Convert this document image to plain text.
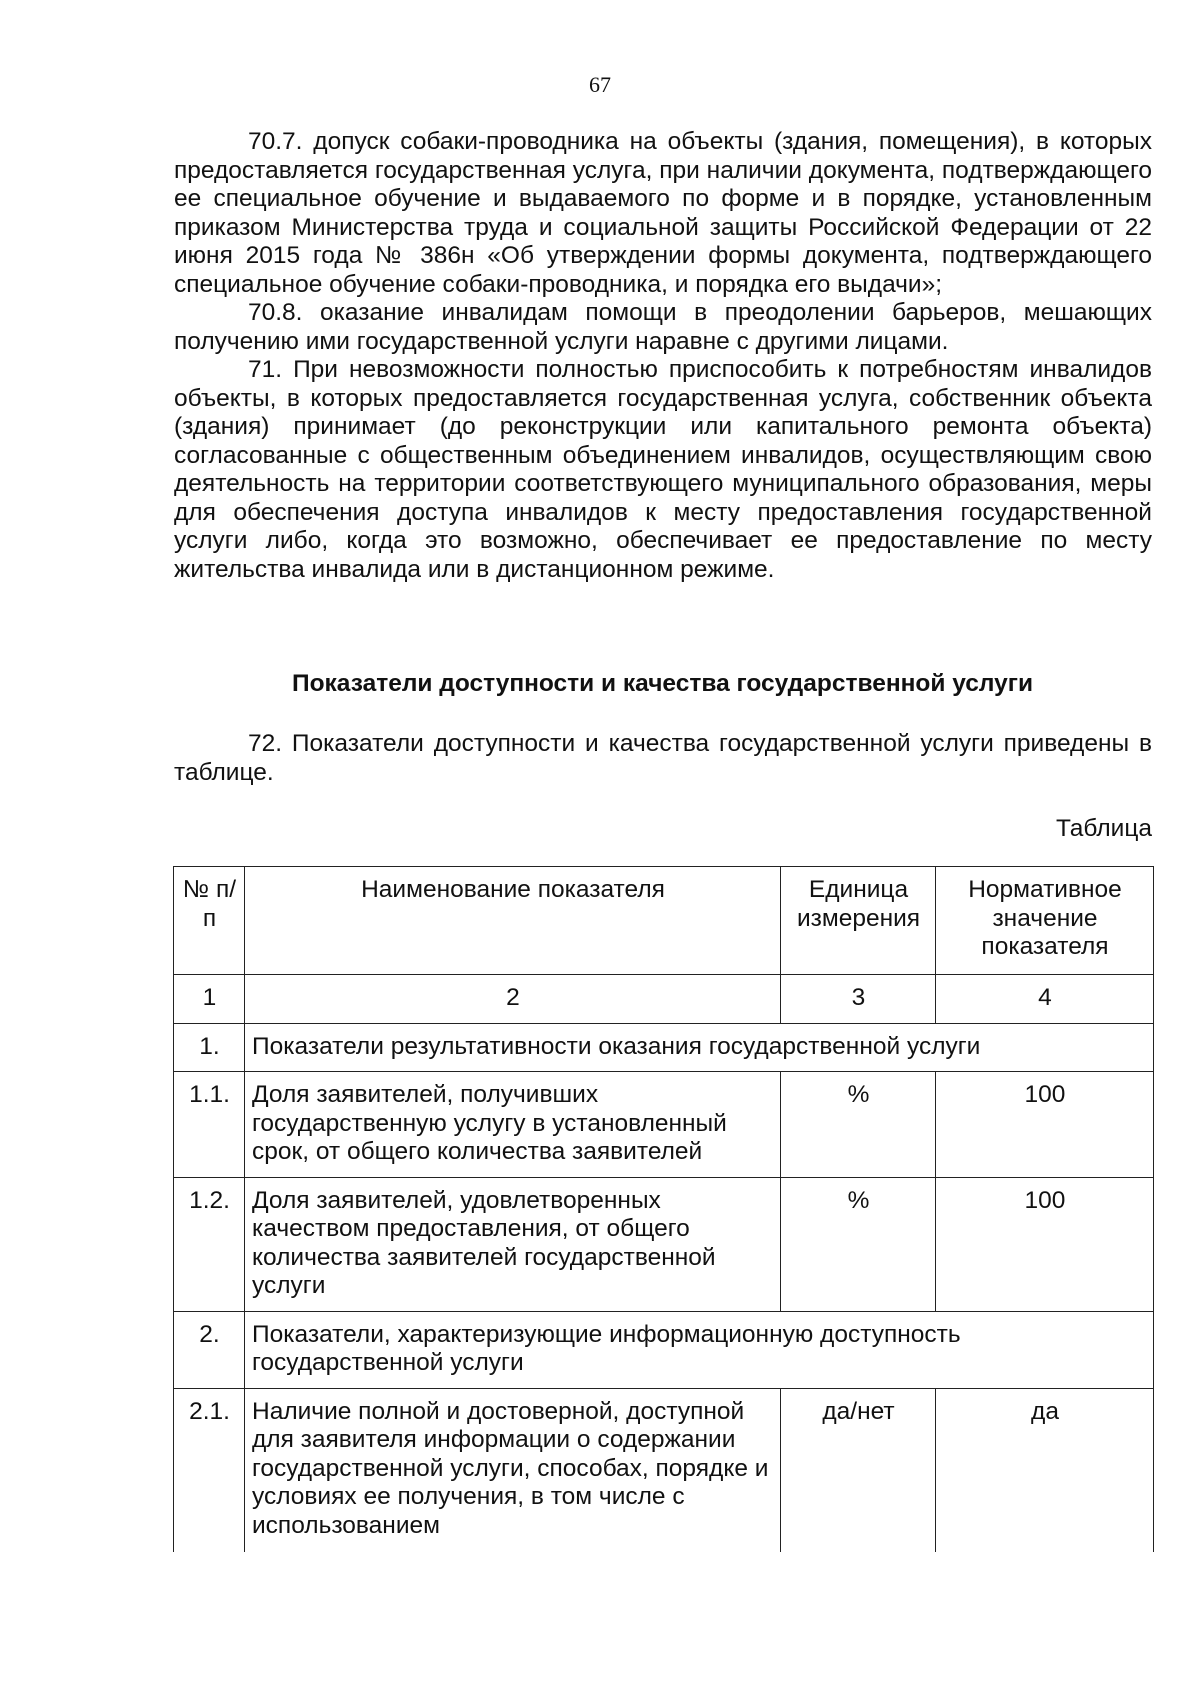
67

70.7. допуск собаки-проводника на объекты (здания, помещения), в которых предоставляется государственная услуга, при наличии документа, подтверждающего ее специальное обучение и выдаваемого по форме и в порядке, установленным приказом Министерства труда и социальной защиты Российской Федерации от 22 июня 2015 года № 386н «Об утверждении формы документа, подтверждающего специальное обучение собаки-проводника, и порядка его выдачи»;

70.8. оказание инвалидам помощи в преодолении барьеров, мешающих получению ими государственной услуги наравне с другими лицами.

71. При невозможности полностью приспособить к потребностям инвалидов объекты, в которых предоставляется государственная услуга, собственник объекта (здания) принимает (до реконструкции или капитального ремонта объекта) согласованные с общественным объединением инвалидов, осуществляющим свою деятельность на территории соответствующего муниципального образования, меры для обеспечения доступа инвалидов к месту предоставления государственной услуги либо, когда это возможно, обеспечивает ее предоставление по месту жительства инвалида или в дистанционном режиме.

Показатели доступности и качества государственной услуги

72. Показатели доступности и качества государственной услуги приведены в таблице.

Таблица
№ п/п	Наименование показателя	Единица измерения	Нормативное значение показателя
1	2	3	4
1.	Показатели результативности оказания государственной услуги		
1.1.	Доля заявителей, получивших государственную услугу в установленный срок, от общего количества заявителей	%	100
1.2.	Доля заявителей, удовлетворенных качеством предоставления, от общего количества заявителей государственной услуги	%	100
2.	Показатели, характеризующие информационную доступность государственной услуги		
2.1.	Наличие полной и достоверной, доступной для заявителя информации о содержании государственной услуги, способах, порядке и условиях ее получения, в том числе с использованием	да/нет	да
